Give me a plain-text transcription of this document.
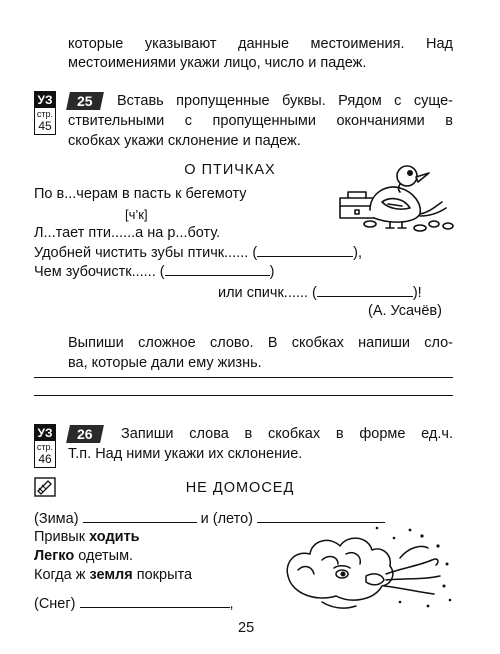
которые указывают данные местоимения. Над
местоимениями укажи лицо, число и падеж.
УЗ
стр.
45
25	Вставь пропущенные буквы. Рядом с суще-
ствительными с пропущенными окончаниями в
скобках укажи склонение и падеж.
О ПТИЧКАХ
По в...черам в пасть к бегемоту
[ч’к]
Л...тает пти......а на р...боту.
Удобней чистить зубы птичк...... (	),
Чем зубочистк...... (	)
или спичк...... (	)!
(А. Усачёв)
Выпиши сложное слово. В скобках напиши сло-
ва, которые дали ему жизнь.
УЗ
стр.
46
26	Запиши слова в скобках в форме ед.ч.
Т.п. Над ними укажи их склонение.
НЕ ДОМОСЕД
(Зима)	и (лето)
Привык ходить
Легко одетым.
Когда ж земля покрыта
(Снег)	,
25
